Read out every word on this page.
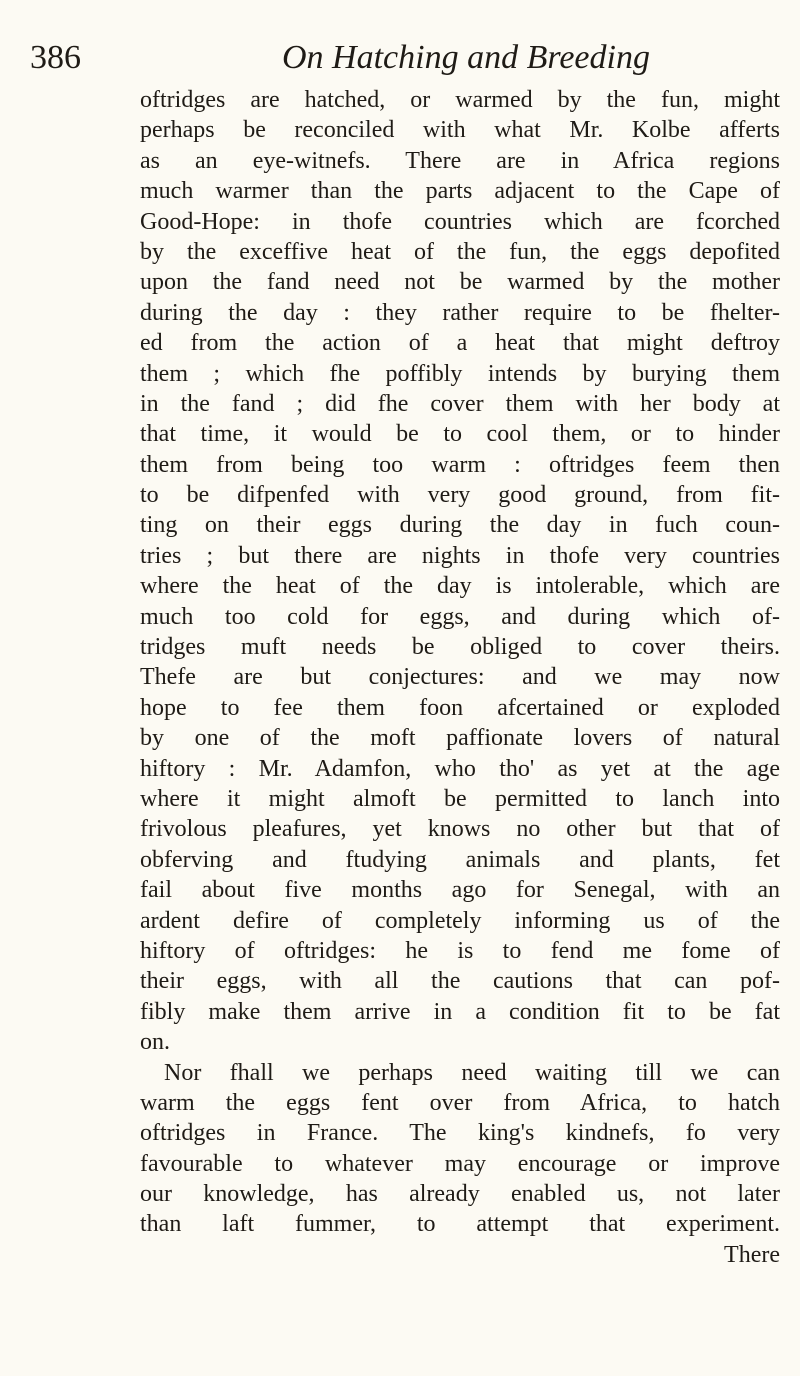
386	On Hatching and Breeding
oftridges are hatched, or warmed by the fun, might
perhaps be reconciled with what Mr. Kolbe afferts
as an eye-witnefs. There are in Africa regions
much warmer than the parts adjacent to the Cape of
Good-Hope: in thofe countries which are fcorched
by the exceffive heat of the fun, the eggs depofited
upon the fand need not be warmed by the mother
during the day : they rather require to be fhelter-
ed from the action of a heat that might deftroy
them ; which fhe poffibly intends by burying them
in the fand ; did fhe cover them with her body at
that time, it would be to cool them, or to hinder
them from being too warm : oftridges feem then
to be difpenfed with very good ground, from fit-
ting on their eggs during the day in fuch coun-
tries ; but there are nights in thofe very countries
where the heat of the day is intolerable, which are
much too cold for eggs, and during which of-
tridges muft needs be obliged to cover theirs.
Thefe are but conjectures: and we may now
hope to fee them foon afcertained or exploded
by one of the moft paffionate lovers of natural
hiftory : Mr. Adamfon, who tho' as yet at the age
where it might almoft be permitted to lanch into
frivolous pleafures, yet knows no other but that of
obferving and ftudying animals and plants, fet
fail about five months ago for Senegal, with an
ardent defire of completely informing us of the
hiftory of oftridges: he is to fend me fome of
their eggs, with all the cautions that can pof-
fibly make them arrive in a condition fit to be fat
on.
Nor fhall we perhaps need waiting till we can
warm the eggs fent over from Africa, to hatch
oftridges in France. The king's kindnefs, fo very
favourable to whatever may encourage or improve
our knowledge, has already enabled us, not later
than laft fummer, to attempt that experiment.
There
